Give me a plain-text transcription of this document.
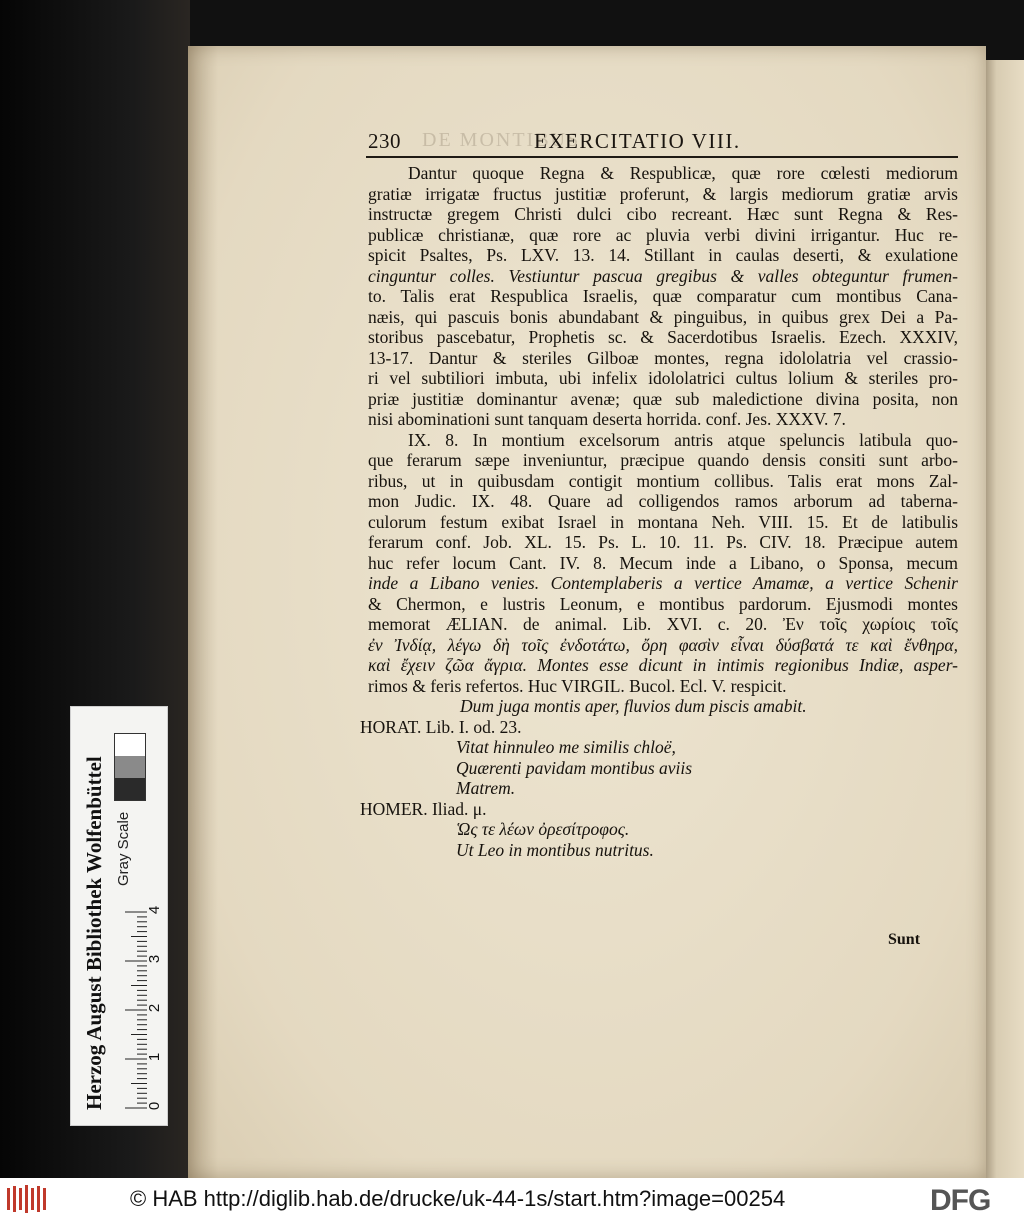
230 DE MONTIBUS
EXERCITATIO VIII.
Dantur quoque Regna & Respublicæ, quæ rore cœlesti mediorum
gratiæ irrigatæ fructus justitiæ proferunt, & largis mediorum gratiæ arvis
instructæ gregem Christi dulci cibo recreant. Hæc sunt Regna & Res-
publicæ christianæ, quæ rore ac pluvia verbi divini irrigantur. Huc re-
spicit Psaltes, Ps. LXV. 13. 14. Stillant in caulas deserti, & exulatione
cinguntur colles. Vestiuntur pascua gregibus & valles obteguntur frumen-
to. Talis erat Respublica Israelis, quæ comparatur cum montibus Cana-
næis, qui pascuis bonis abundabant & pinguibus, in quibus grex Dei a Pa-
storibus pascebatur, Prophetis sc. & Sacerdotibus Israelis. Ezech. XXXIV,
13-17. Dantur & steriles Gilboæ montes, regna idololatria vel crassio-
ri vel subtiliori imbuta, ubi infelix idololatrici cultus lolium & steriles pro-
priæ justitiæ dominantur avenæ; quæ sub maledictione divina posita, non
nisi abominationi sunt tanquam deserta horrida. conf. Jes. XXXV. 7.
IX. 8. In montium excelsorum antris atque speluncis latibula quo-
que ferarum sæpe inveniuntur, præcipue quando densis consiti sunt arbo-
ribus, ut in quibusdam contigit montium collibus. Talis erat mons Zal-
mon Judic. IX. 48. Quare ad colligendos ramos arborum ad taberna-
culorum festum exibat Israel in montana Neh. VIII. 15. Et de latibulis
ferarum conf. Job. XL. 15. Ps. L. 10. 11. Ps. CIV. 18. Præcipue autem
huc refer locum Cant. IV. 8. Mecum inde a Libano, o Sponsa, mecum
inde a Libano venies. Contemplaberis a vertice Amamæ, a vertice Schenir
& Chermon, e lustris Leonum, e montibus pardorum. Ejusmodi montes
memorat ÆLIAN. de animal. Lib. XVI. c. 20. Ἐν τοῖς χωρίοις τοῖς
ἐν Ἰνδίᾳ, λέγω δὴ τοῖς ἐνδοτάτω, ὄρη φασὶν εἶναι δύσβατά τε καὶ ἔνθηρα,
καὶ ἔχειν ζῶα ἄγρια. Montes esse dicunt in intimis regionibus Indiæ, asper-
rimos & feris refertos. Huc VIRGIL. Bucol. Ecl. V. respicit.
Dum juga montis aper, fluvios dum piscis amabit.
HORAT. Lib. I. od. 23.
Vitat hinnuleo me similis chloë,
Quærenti pavidam montibus aviis
Matrem.
HOMER. Iliad. μ.
Ὡς τε λέων ὀρεσίτροφος.
Ut Leo in montibus nutritus.
Sunt
Herzog August Bibliothek Wolfenbüttel Gray Scale
0
1
2
3
4
© HAB http://diglib.hab.de/drucke/uk-44-1s/start.htm?image=00254	DFG
